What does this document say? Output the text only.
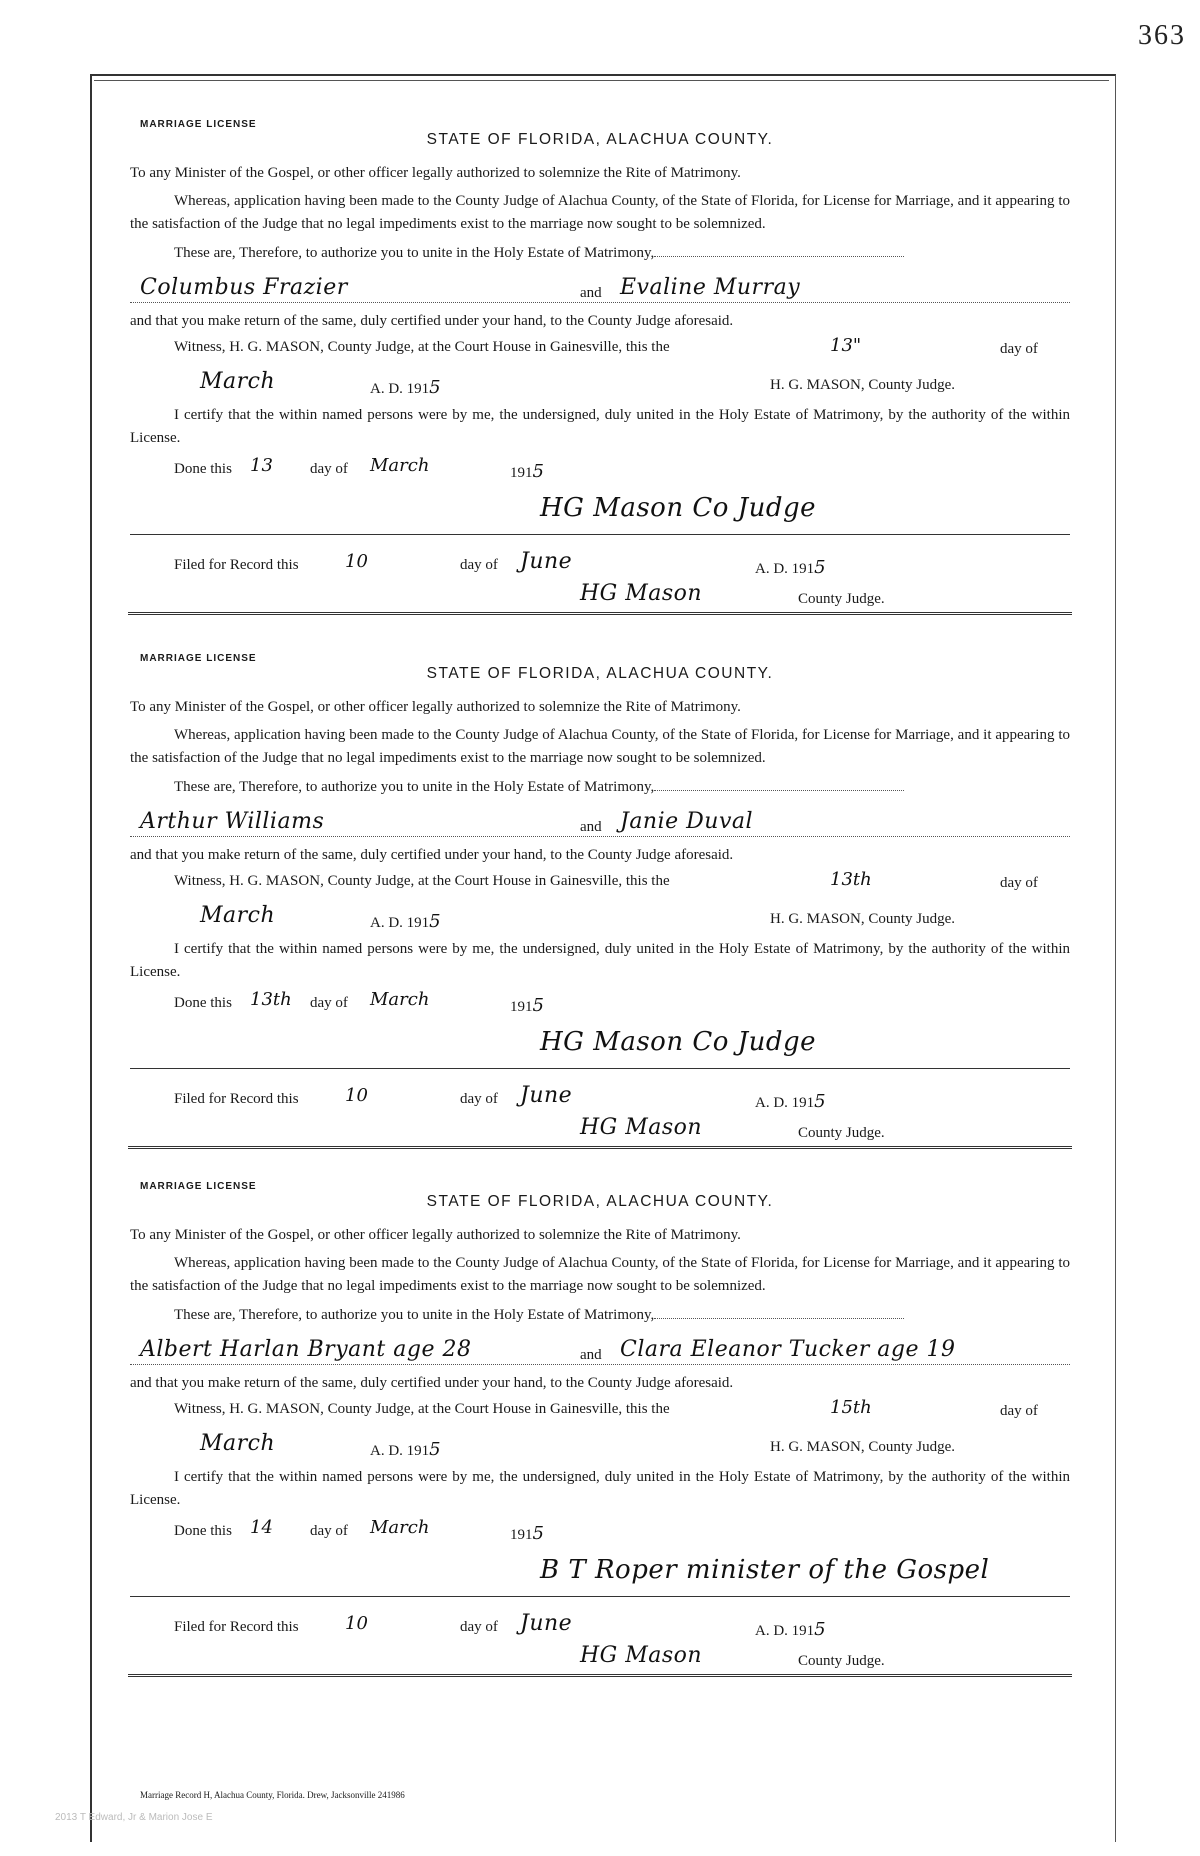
363
MARRIAGE LICENSE
STATE OF FLORIDA, ALACHUA COUNTY.

To any Minister of the Gospel, or other officer legally authorized to solemnize the Rite of Matrimony.

Whereas, application having been made to the County Judge of Alachua County, of the State of Florida, for License for Marriage, and it appearing to the satisfaction of the Judge that no legal impediments exist to the marriage now sought to be solemnized.

These are, Therefore, to authorize you to unite in the Holy Estate of Matrimony,
Columbus Frazier	and Evaline Murray

and that you make return of the same, duly certified under your hand, to the County Judge aforesaid.

Witness, H. G. MASON, County Judge, at the Court House in Gainesville, this the	13"	day of
March	A. D. 1915	H. G. MASON, County Judge.

I certify that the within named persons were by me, the undersigned, duly united in the Holy Estate of Matrimony, by the authority of the within License.

Done this 13 day of March	1915
HG Mason Co Judge
Filed for Record this	10	day of June	A. D. 1915
HG Mason	County Judge.
MARRIAGE LICENSE
STATE OF FLORIDA, ALACHUA COUNTY.

To any Minister of the Gospel, or other officer legally authorized to solemnize the Rite of Matrimony.

Whereas, application having been made to the County Judge of Alachua County, of the State of Florida, for License for Marriage, and it appearing to the satisfaction of the Judge that no legal impediments exist to the marriage now sought to be solemnized.

These are, Therefore, to authorize you to unite in the Holy Estate of Matrimony,
Arthur Williams	and Janie Duval

and that you make return of the same, duly certified under your hand, to the County Judge aforesaid.

Witness, H. G. MASON, County Judge, at the Court House in Gainesville, this the	13th	day of
March	A. D. 1915	H. G. MASON, County Judge.

I certify that the within named persons were by me, the undersigned, duly united in the Holy Estate of Matrimony, by the authority of the within License.

Done this 13th day of March	1915
HG Mason Co Judge
Filed for Record this	10	day of June	A. D. 1915
HG Mason	County Judge.
MARRIAGE LICENSE
STATE OF FLORIDA, ALACHUA COUNTY.

To any Minister of the Gospel, or other officer legally authorized to solemnize the Rite of Matrimony.

Whereas, application having been made to the County Judge of Alachua County, of the State of Florida, for License for Marriage, and it appearing to the satisfaction of the Judge that no legal impediments exist to the marriage now sought to be solemnized.

These are, Therefore, to authorize you to unite in the Holy Estate of Matrimony,
Albert Harlan Bryant age 28	and Clara Eleanor Tucker age 19

and that you make return of the same, duly certified under your hand, to the County Judge aforesaid.

Witness, H. G. MASON, County Judge, at the Court House in Gainesville, this the	15th	day of
March	A. D. 1915	H. G. MASON, County Judge.

I certify that the within named persons were by me, the undersigned, duly united in the Holy Estate of Matrimony, by the authority of the within License.

Done this 14 day of March	1915
B T Roper minister of the Gospel
Filed for Record this	10	day of June	A. D. 1915
HG Mason	County Judge.
Marriage Record H, Alachua County, Florida. Drew, Jacksonville 241986
2013 T Edward, Jr & Marion Jose E
